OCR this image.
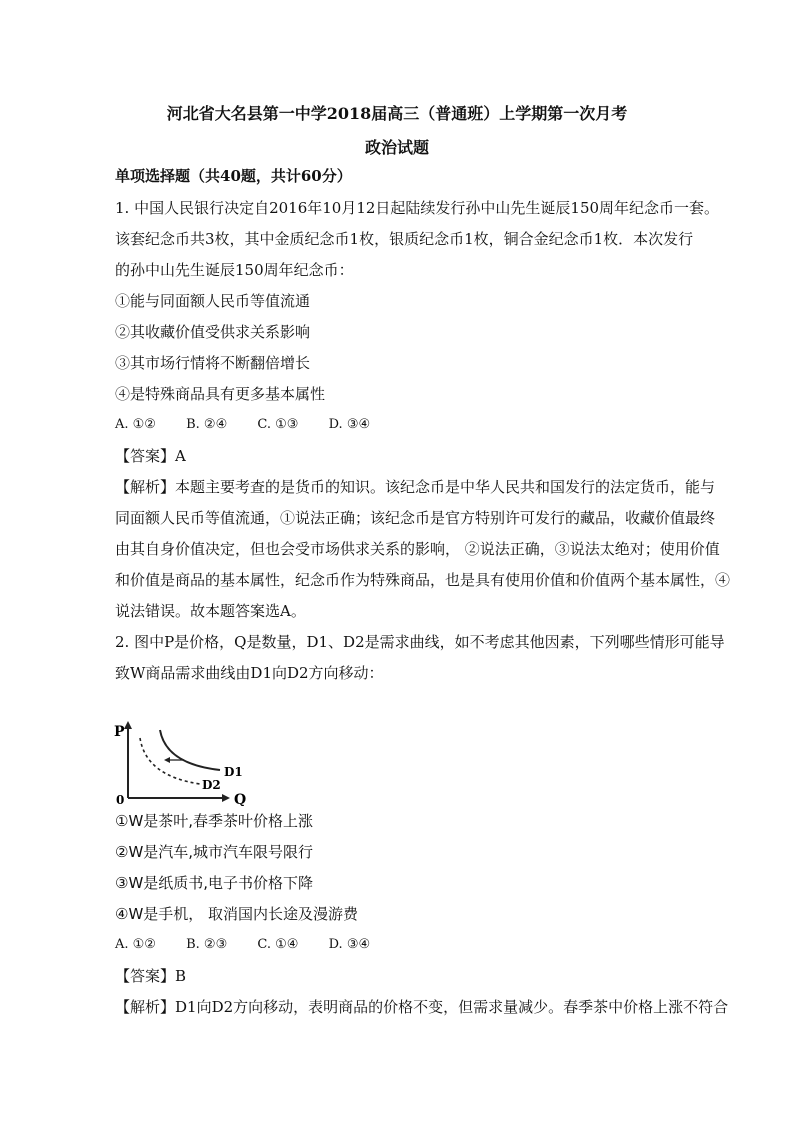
河北省大名县第一中学2018届高三（普通班）上学期第一次月考
政治试题
单项选择题（共40题，共计60分）
1. 中国人民银行决定自2016年10月12日起陆续发行孙中山先生诞辰150周年纪念币一套。
该套纪念币共3枚，其中金质纪念币1枚，银质纪念币1枚，铜合金纪念币1枚．本次发行
的孙中山先生诞辰150周年纪念币：
①能与同面额人民币等值流通
②其收藏价值受供求关系影响
③其市场行情将不断翻倍增长
④是特殊商品具有更多基本属性
A. ①② B. ②④ C. ①③ D. ③④
【答案】A
【解析】本题主要考查的是货币的知识。该纪念币是中华人民共和国发行的法定货币，能与
同面额人民币等值流通，①说法正确；该纪念币是官方特别许可发行的藏品，收藏价值最终
由其自身价值决定，但也会受市场供求关系的影响， ②说法正确，③说法太绝对；使用价值
和价值是商品的基本属性，纪念币作为特殊商品，也是具有使用价值和价值两个基本属性，④
说法错误。故本题答案选A。
2. 图中P是价格，Q是数量，D1、D2是需求曲线，如不考虑其他因素，下列哪些情形可能导
致W商品需求曲线由D1向D2方向移动：
P
Q
0
D1
D2
①W是茶叶,春季茶叶价格上涨
②W是汽车,城市汽车限号限行
③W是纸质书,电子书价格下降
④W是手机， 取消国内长途及漫游费
A. ①② B. ②③ C. ①④ D. ③④
【答案】B
【解析】D1向D2方向移动，表明商品的价格不变，但需求量减少。春季茶中价格上涨不符合
